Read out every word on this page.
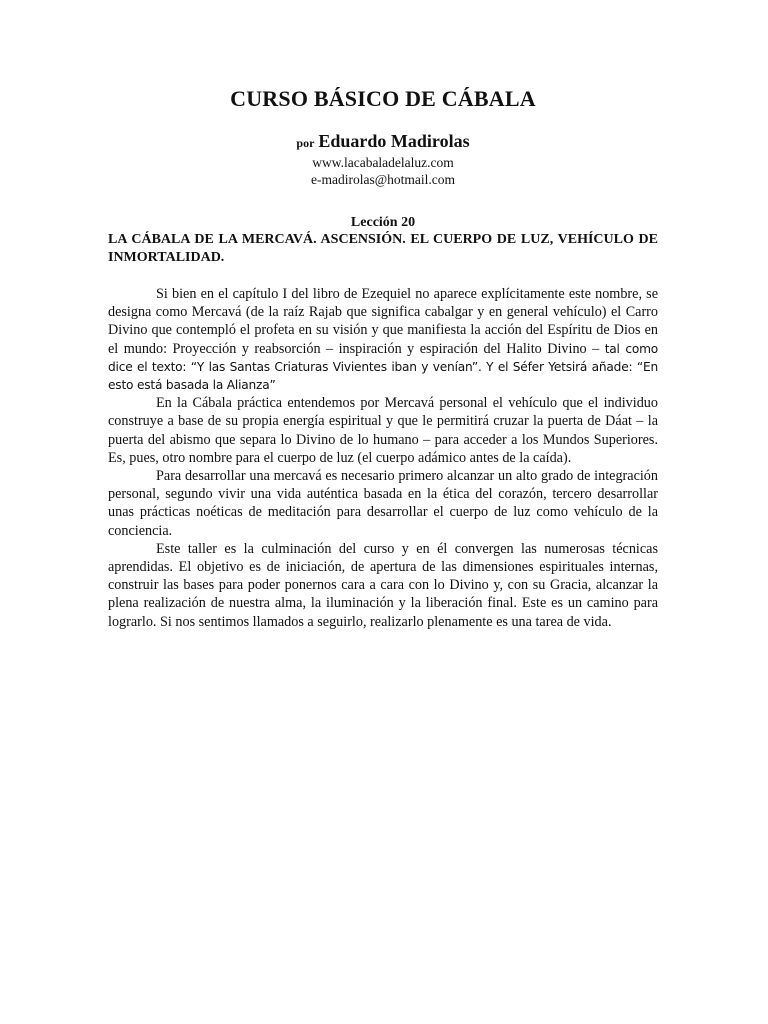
CURSO BÁSICO DE CÁBALA
por Eduardo Madirolas
www.lacabaladelaluz.com
e-madirolas@hotmail.com
Lección 20
LA CÁBALA DE LA MERCAVÁ. ASCENSIÓN. EL CUERPO DE LUZ, VEHÍCULO DE INMORTALIDAD.

Si bien en el capítulo I del libro de Ezequiel no aparece explícitamente este nombre, se designa como Mercavá (de la raíz Rajab que significa cabalgar y en general vehículo) el Carro Divino que contempló el profeta en su visión y que manifiesta la acción del Espíritu de Dios en el mundo: Proyección y reabsorción – inspiración y espiración del Halito Divino – tal como dice el texto: “Y las Santas Criaturas Vivientes iban y venían”. Y el Séfer Yetsirá añade: “En esto está basada la Alianza”

En la Cábala práctica entendemos por Mercavá personal el vehículo que el individuo construye a base de su propia energía espiritual y que le permitirá cruzar la puerta de Dáat – la puerta del abismo que separa lo Divino de lo humano – para acceder a los Mundos Superiores. Es, pues, otro nombre para el cuerpo de luz (el cuerpo adámico antes de la caída).

Para desarrollar una mercavá es necesario primero alcanzar un alto grado de integración personal, segundo vivir una vida auténtica basada en la ética del corazón, tercero desarrollar unas prácticas noéticas de meditación para desarrollar el cuerpo de luz como vehículo de la conciencia.

Este taller es la culminación del curso y en él convergen las numerosas técnicas aprendidas. El objetivo es de iniciación, de apertura de las dimensiones espirituales internas, construir las bases para poder ponernos cara a cara con lo Divino y, con su Gracia, alcanzar la plena realización de nuestra alma, la iluminación y la liberación final. Este es un camino para lograrlo. Si nos sentimos llamados a seguirlo, realizarlo plenamente es una tarea de vida.
